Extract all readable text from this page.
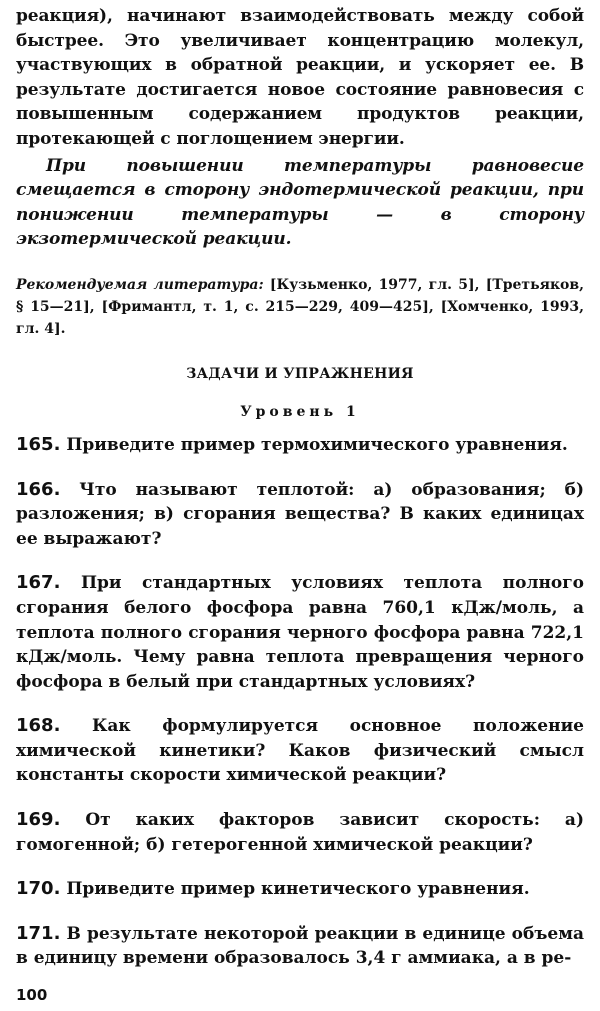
реакция), начинают взаимодействовать между собой быстрее. Это увеличивает концентрацию молекул, участвующих в обратной реакции, и ускоряет ее. В результате достигается новое состояние равновесия с повышенным содержанием продуктов реакции, протекающей с поглощением энергии.

При повышении температуры равновесие смещается в сторону эндотермической реакции, при понижении температуры — в сторону экзотермической реакции.

Рекомендуемая литература: [Кузьменко, 1977, гл. 5], [Третьяков, § 15—21], [Фримантл, т. 1, с. 215—229, 409—425], [Хомченко, 1993, гл. 4].

ЗАДАЧИ И УПРАЖНЕНИЯ
Уровень 1

165. Приведите пример термохимического уравнения.

166. Что называют теплотой: а) образования; б) разложения; в) сгорания вещества? В каких единицах ее выражают?

167. При стандартных условиях теплота полного сгорания белого фосфора равна 760,1 кДж/моль, а теплота полного сгорания черного фосфора равна 722,1 кДж/моль. Чему равна теплота превращения черного фосфора в белый при стандартных условиях?

168. Как формулируется основное положение химической кинетики? Каков физический смысл константы скорости химической реакции?

169. От каких факторов зависит скорость: а) гомогенной; б) гетерогенной химической реакции?

170. Приведите пример кинетического уравнения.

171. В результате некоторой реакции в единице объема в единицу времени образовалось 3,4 г аммиака, а в ре-

100
